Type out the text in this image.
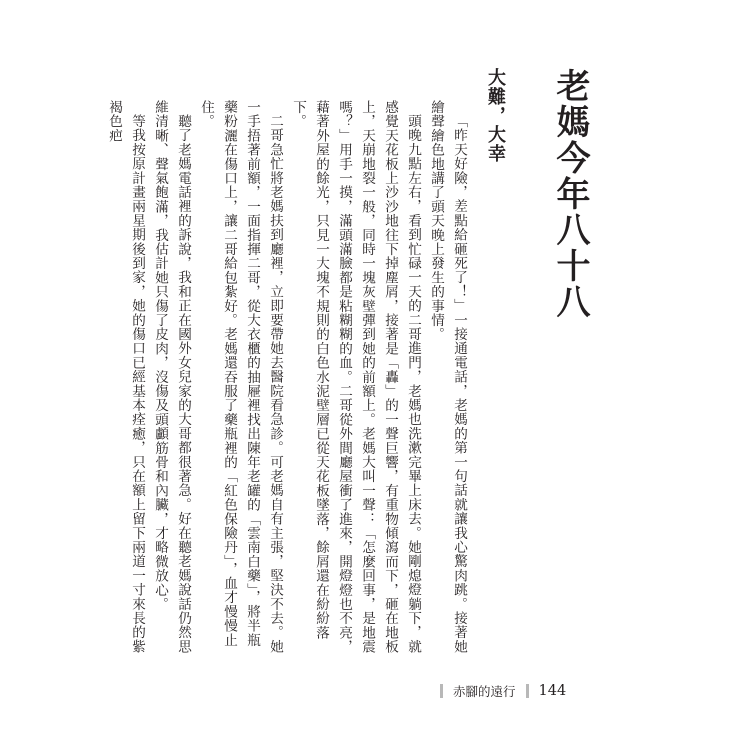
老媽今年八十八
大難，大幸

「昨天好險，差點給砸死了！」一接通電話，老媽的第一句話就讓我心驚肉跳。接著她繪聲繪色地講了頭天晚上發生的事情。

頭晚九點左右，看到忙碌一天的二哥進門，老媽也洗漱完畢上床去。她剛熄燈躺下，就感覺天花板上沙沙地往下掉塵屑，接著是「轟」的一聲巨響，有重物傾瀉而下，砸在地板上，天崩地裂一般，同時一塊灰壁彈到她的前額上。老媽大叫一聲：「怎麼回事，是地震嗎？」用手一摸，滿頭滿臉都是粘糊糊的血。二哥從外間廳屋衝了進來，開燈燈也不亮，藉著外屋的餘光，只見一大塊不規則的白色水泥壁層已從天花板墜落，餘屑還在紛紛落下。

二哥急忙將老媽扶到廳裡，立即要帶她去醫院看急診。可老媽自有主張，堅決不去。她一手捂著前額，一面指揮二哥，從大衣櫃的抽屜裡找出陳年老罐的「雲南白藥」，將半瓶藥粉灑在傷口上，讓二哥給包紮好。老媽還吞服了藥瓶裡的「紅色保險丹」，血才慢慢止住。

聽了老媽電話裡的訴說，我和正在國外女兒家的大哥都很著急。好在聽老媽說話仍然思維清晰、聲氣飽滿，我估計她只傷了皮肉，沒傷及頭顱筋骨和內臟，才略微放心。

等我按原計畫兩星期後到家，她的傷口已經基本痊癒，只在額上留下兩道一寸來長的紫褐色疤

赤腳的遠行 144
